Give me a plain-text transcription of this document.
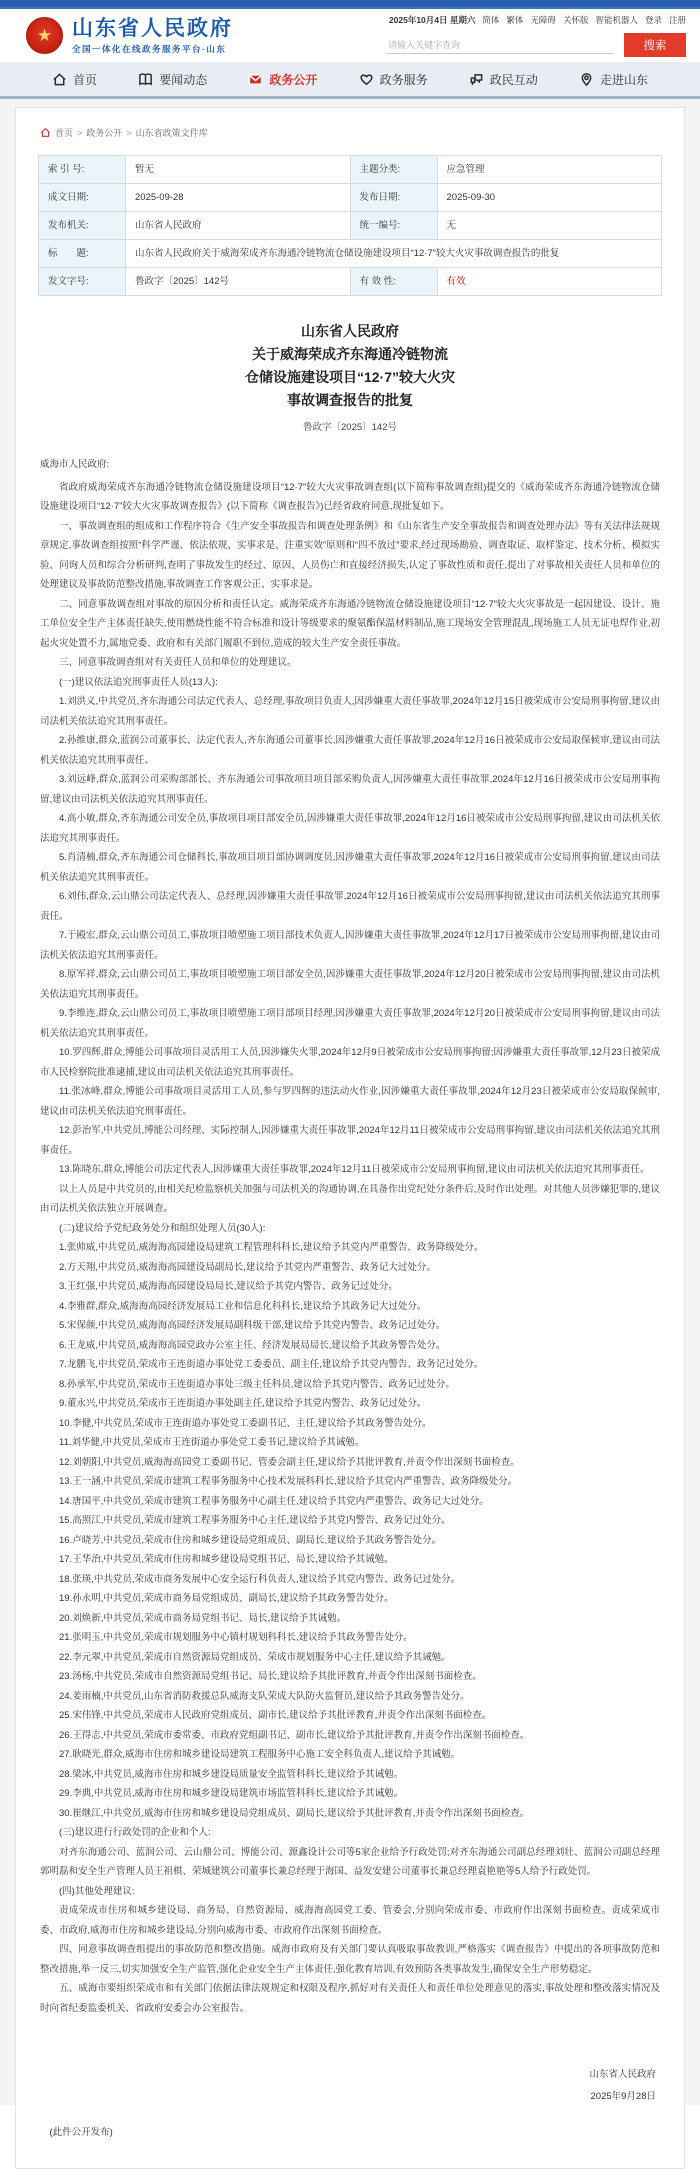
★ 山东省人民政府
全国一体化在线政务服务平台·山东
2025年10月4日 星期六 简体 繁体 无障碍 关怀版 智能机器人 登录 注册
请输入关键字查询
搜索
首页	要闻动态	政务公开	政务服务	政民互动	走进山东
首页 > 政务公开 > 山东省政策文件库
索 引 号:	暂无	主题分类:	应急管理
成文日期:	2025-09-28	发布日期:	2025-09-30
发布机关:	山东省人民政府	统一编号:	无
标　　题:	山东省人民政府关于威海荣成齐东海通冷链物流仓储设施建设项目“12·7”较大火灾事故调查报告的批复		
发文字号:	鲁政字〔2025〕142号	有 效 性:	有效
山东省人民政府
关于威海荣成齐东海通冷链物流
仓储设施建设项目“12·7”较大火灾
事故调查报告的批复
鲁政字〔2025〕142号

威海市人民政府:

省政府威海荣成齐东海通冷链物流仓储设施建设项目“12·7”较大火灾事故调查组(以下简称事故调查组)提交的《威海荣成齐东海通冷链物流仓储设施建设项目“12·7”较大火灾事故调查报告》(以下简称《调查报告》)已经省政府同意,现批复如下。

一、事故调查组的组成和工作程序符合《生产安全事故报告和调查处理条例》和《山东省生产安全事故报告和调查处理办法》等有关法律法规规章规定,事故调查组按照“科学严谨、依法依规、实事求是、注重实效”原则和“四不放过”要求,经过现场勘验、调查取证、取样鉴定、技术分析、模拟实验、问询人员和综合分析研判,查明了事故发生的经过、原因、人员伤亡和直接经济损失,认定了事故性质和责任,提出了对事故相关责任人员和单位的处理建议及事故防范整改措施,事故调查工作客观公正、实事求是。

二、同意事故调查组对事故的原因分析和责任认定。威海荣成齐东海通冷链物流仓储设施建设项目“12·7”较大火灾事故是一起因建设、设计、施工单位安全生产主体责任缺失,使用燃烧性能不符合标准和设计等级要求的聚氨酯保温材料制品,施工现场安全管理混乱,现场施工人员无证电焊作业,初起火灾处置不力,属地党委、政府和有关部门履职不到位,造成的较大生产安全责任事故。

三、同意事故调查组对有关责任人员和单位的处理建议。

(一)建议依法追究刑事责任人员(13人):

1.刘洪义,中共党员,齐东海通公司法定代表人、总经理,事故项目负责人,因涉嫌重大责任事故罪,2024年12月15日被荣成市公安局刑事拘留,建议由司法机关依法追究其刑事责任。

2.孙维康,群众,蓝润公司董事长、法定代表人,齐东海通公司董事长,因涉嫌重大责任事故罪,2024年12月16日被荣成市公安局取保候审,建议由司法机关依法追究其刑事责任。

3.刘远峰,群众,蓝润公司采购部部长、齐东海通公司事故项目项目部采购负责人,因涉嫌重大责任事故罪,2024年12月16日被荣成市公安局刑事拘留,建议由司法机关依法追究其刑事责任。

4.高小敏,群众,齐东海通公司安全员,事故项目项目部安全员,因涉嫌重大责任事故罪,2024年12月16日被荣成市公安局刑事拘留,建议由司法机关依法追究其刑事责任。

5.肖清楠,群众,齐东海通公司仓储科长,事故项目项目部协调调度员,因涉嫌重大责任事故罪,2024年12月16日被荣成市公安局刑事拘留,建议由司法机关依法追究其刑事责任。

6.刘伟,群众,云山鼎公司法定代表人、总经理,因涉嫌重大责任事故罪,2024年12月16日被荣成市公安局刑事拘留,建议由司法机关依法追究其刑事责任。

7.于殿宏,群众,云山鼎公司员工,事故项目喷塑施工项目部技术负责人,因涉嫌重大责任事故罪,2024年12月17日被荣成市公安局刑事拘留,建议由司法机关依法追究其刑事责任。

8.原军祥,群众,云山鼎公司员工,事故项目喷塑施工项目部安全员,因涉嫌重大责任事故罪,2024年12月20日被荣成市公安局刑事拘留,建议由司法机关依法追究其刑事责任。

9.李维连,群众,云山鼎公司员工,事故项目喷塑施工项目部项目经理,因涉嫌重大责任事故罪,2024年12月20日被荣成市公安局刑事拘留,建议由司法机关依法追究其刑事责任。

10.罗四辉,群众,博能公司事故项目灵活用工人员,因涉嫌失火罪,2024年12月9日被荣成市公安局刑事拘留;因涉嫌重大责任事故罪,12月23日被荣成市人民检察院批准逮捕,建议由司法机关依法追究其刑事责任。

11.张冰峰,群众,博能公司事故项目灵活用工人员,参与罗四辉的违法动火作业,因涉嫌重大责任事故罪,2024年12月23日被荣成市公安局取保候审,建议由司法机关依法追究刑事责任。

12.彭治军,中共党员,博能公司经理、实际控制人,因涉嫌重大责任事故罪,2024年12月11日被荣成市公安局刑事拘留,建议由司法机关依法追究其刑事责任。

13.陈晓东,群众,博能公司法定代表人,因涉嫌重大责任事故罪,2024年12月11日被荣成市公安局刑事拘留,建议由司法机关依法追究其刑事责任。

以上人员是中共党员的,由相关纪检监察机关加强与司法机关的沟通协调,在具备作出党纪处分条件后,及时作出处理。对其他人员涉嫌犯罪的,建议由司法机关依法独立开展调查。

(二)建议给予党纪政务处分和组织处理人员(30人):

1.张帅威,中共党员,威海海高园建设局建筑工程管理科科长,建议给予其党内严重警告、政务降级处分。

2.方天翔,中共党员,威海海高园建设局副局长,建议给予其党内严重警告、政务记大过处分。

3.王红强,中共党员,威海海高园建设局局长,建议给予其党内警告、政务记过处分。

4.李雅群,群众,威海海高园经济发展局工业和信息化科科长,建议给予其政务记大过处分。

5.宋保颜,中共党员,威海海高园经济发展局副科级干部,建议给予其党内警告、政务记过处分。

6.王龙威,中共党员,威海海高园党政办公室主任、经济发展局局长,建议给予其政务警告处分。

7.龙鹏飞,中共党员,荣成市王连街道办事处党工委委员、副主任,建议给予其党内警告、政务记过处分。

8.孙承军,中共党员,荣成市王连街道办事处三级主任科员,建议给予其党内警告、政务记过处分。

9.董永兴,中共党员,荣成市王连街道办事处副主任,建议给予其党内警告、政务记过处分。

10.李健,中共党员,荣成市王连街道办事处党工委副书记、主任,建议给予其政务警告处分。

11.刘华健,中共党员,荣成市王连街道办事处党工委书记,建议给予其诫勉。

12.刘朝阳,中共党员,威海海高园党工委副书记、管委会副主任,建议给予其批评教育,并责令作出深刻书面检查。

13.王一涵,中共党员,荣成市建筑工程事务服务中心技术发展科科长,建议给予其党内严重警告、政务降级处分。

14.唐国平,中共党员,荣成市建筑工程事务服务中心副主任,建议给予其党内严重警告、政务记大过处分。

15.高照江,中共党员,荣成市建筑工程事务服务中心主任,建议给予其党内警告、政务记过处分。

16.卢晓芳,中共党员,荣成市住房和城乡建设局党组成员、副局长,建议给予其政务警告处分。

17.王华治,中共党员,荣成市住房和城乡建设局党组书记、局长,建议给予其诫勉。

18.张瑛,中共党员,荣成市商务发展中心安全运行科负责人,建议给予其党内警告、政务记过处分。

19.孙永明,中共党员,荣成市商务局党组成员、副局长,建议给予其政务警告处分。

20.刘焕新,中共党员,荣成市商务局党组书记、局长,建议给予其诫勉。

21.张明玉,中共党员,荣成市规划服务中心镇村规划科科长,建议给予其政务警告处分。

22.李元翠,中共党员,荣成市自然资源局党组成员、荣成市规划服务中心主任,建议给予其诫勉。

23.汤杨,中共党员,荣成市自然资源局党组书记、局长,建议给予其批评教育,并责令作出深刻书面检查。

24.姜雨楠,中共党员,山东省消防救援总队威海支队荣成大队防火监督员,建议给予其政务警告处分。

25.宋伟锋,中共党员,荣成市人民政府党组成员、副市长,建议给予其批评教育,并责令作出深刻书面检查。

26.王得志,中共党员,荣成市委常委、市政府党组副书记、副市长,建议给予其批评教育,并责令作出深刻书面检查。

27.耿晓光,群众,威海市住房和城乡建设局建筑工程服务中心施工安全科负责人,建议给予其诫勉。

28.梁冰,中共党员,威海市住房和城乡建设局质量安全监管科科长,建议给予其诫勉。

29.李典,中共党员,威海市住房和城乡建设局建筑市场监管科科长,建议给予其诫勉。

30.崔继江,中共党员,威海市住房和城乡建设局党组成员、副局长,建议给予其批评教育,并责令作出深刻书面检查。

(三)建议进行行政处罚的企业和个人:

对齐东海通公司、蓝润公司、云山鼎公司、博能公司、源鑫设计公司等5家企业给予行政处罚;对齐东海通公司副总经理刘壮、蓝润公司副总经理郭明磊和安全生产管理人员王祖棋、荣城建筑公司董事长兼总经理于海国、益发安建公司董事长兼总经理袁艳艳等5人给予行政处罚。

(四)其他处理建议:

责成荣成市住房和城乡建设局、商务局、自然资源局、威海海高园党工委、管委会,分别向荣成市委、市政府作出深刻书面检查。责成荣成市委、市政府,威海市住房和城乡建设局,分别向威海市委、市政府作出深刻书面检查。

四、同意事故调查组提出的事故防范和整改措施。威海市政府及有关部门要认真吸取事故教训,严格落实《调查报告》中提出的各项事故防范和整改措施,举一反三,切实加强安全生产监管,强化企业安全生产主体责任,强化教育培训,有效预防各类事故发生,确保安全生产形势稳定。

五、威海市要组织荣成市和有关部门依据法律法规规定和权限及程序,抓好对有关责任人和责任单位处理意见的落实,事故处理和整改落实情况及时向省纪委监委机关、省政府安委会办公室报告。

山东省人民政府
2025年9月28日

(此件公开发布)
